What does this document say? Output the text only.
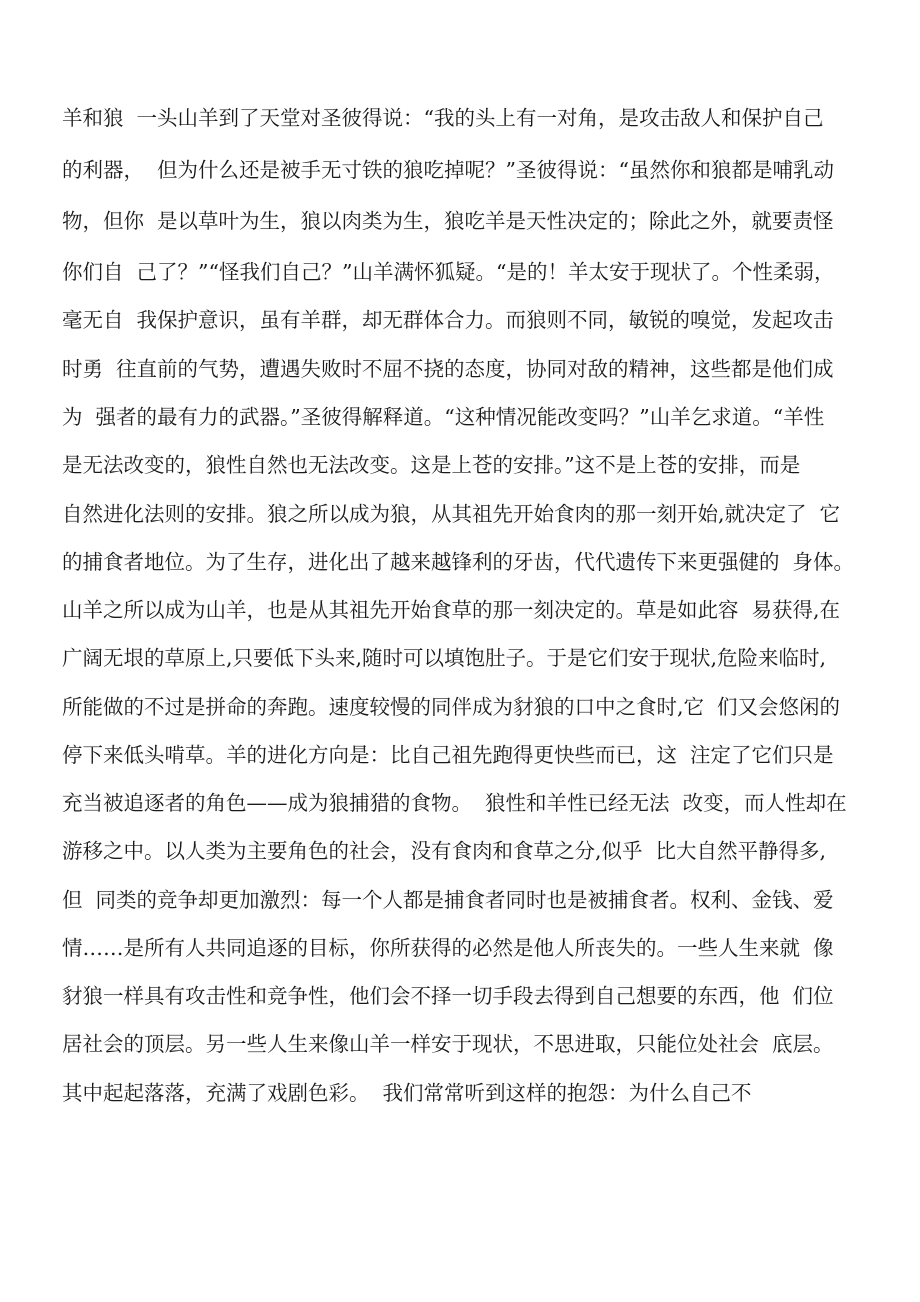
羊和狼  一头山羊到了天堂对圣彼得说：“我的头上有一对角，是攻击敌人和保护自己
的利器，  但为什么还是被手无寸铁的狼吃掉呢？”圣彼得说：“虽然你和狼都是哺乳动
物，但你  是以草叶为生，狼以肉类为生，狼吃羊是天性决定的；除此之外，就要责怪
你们自  己了？”“怪我们自己？”山羊满怀狐疑。“是的！羊太安于现状了。个性柔弱，
毫无自  我保护意识，虽有羊群，却无群体合力。而狼则不同，敏锐的嗅觉，发起攻击
时勇  往直前的气势，遭遇失败时不屈不挠的态度，协同对敌的精神，这些都是他们成
为  强者的最有力的武器。”圣彼得解释道。“这种情况能改变吗？”山羊乞求道。“羊性
是无法改变的，狼性自然也无法改变。这是上苍的安排。”这不是上苍的安排，而是
自然进化法则的安排。狼之所以成为狼，从其祖先开始食肉的那一刻开始,就决定了  它
的捕食者地位。为了生存，进化出了越来越锋利的牙齿，代代遗传下来更强健的  身体。
山羊之所以成为山羊，也是从其祖先开始食草的那一刻决定的。草是如此容  易获得,在
广阔无垠的草原上,只要低下头来,随时可以填饱肚子。于是它们安于现状,危险来临时,
所能做的不过是拼命的奔跑。速度较慢的同伴成为豺狼的口中之食时,它  们又会悠闲的
停下来低头啃草。羊的进化方向是：比自己祖先跑得更快些而已，这  注定了它们只是
充当被追逐者的角色——成为狼捕猎的食物。  狼性和羊性已经无法  改变，而人性却在
游移之中。以人类为主要角色的社会，没有食肉和食草之分,似乎  比大自然平静得多,
但  同类的竞争却更加激烈：每一个人都是捕食者同时也是被捕食者。权利、金钱、爱
情……是所有人共同追逐的目标，你所获得的必然是他人所丧失的。一些人生来就  像
豺狼一样具有攻击性和竞争性，他们会不择一切手段去得到自己想要的东西，他  们位
居社会的顶层。另一些人生来像山羊一样安于现状，不思进取，只能位处社会  底层。
其中起起落落，充满了戏剧色彩。  我们常常听到这样的抱怨：为什么自己不
